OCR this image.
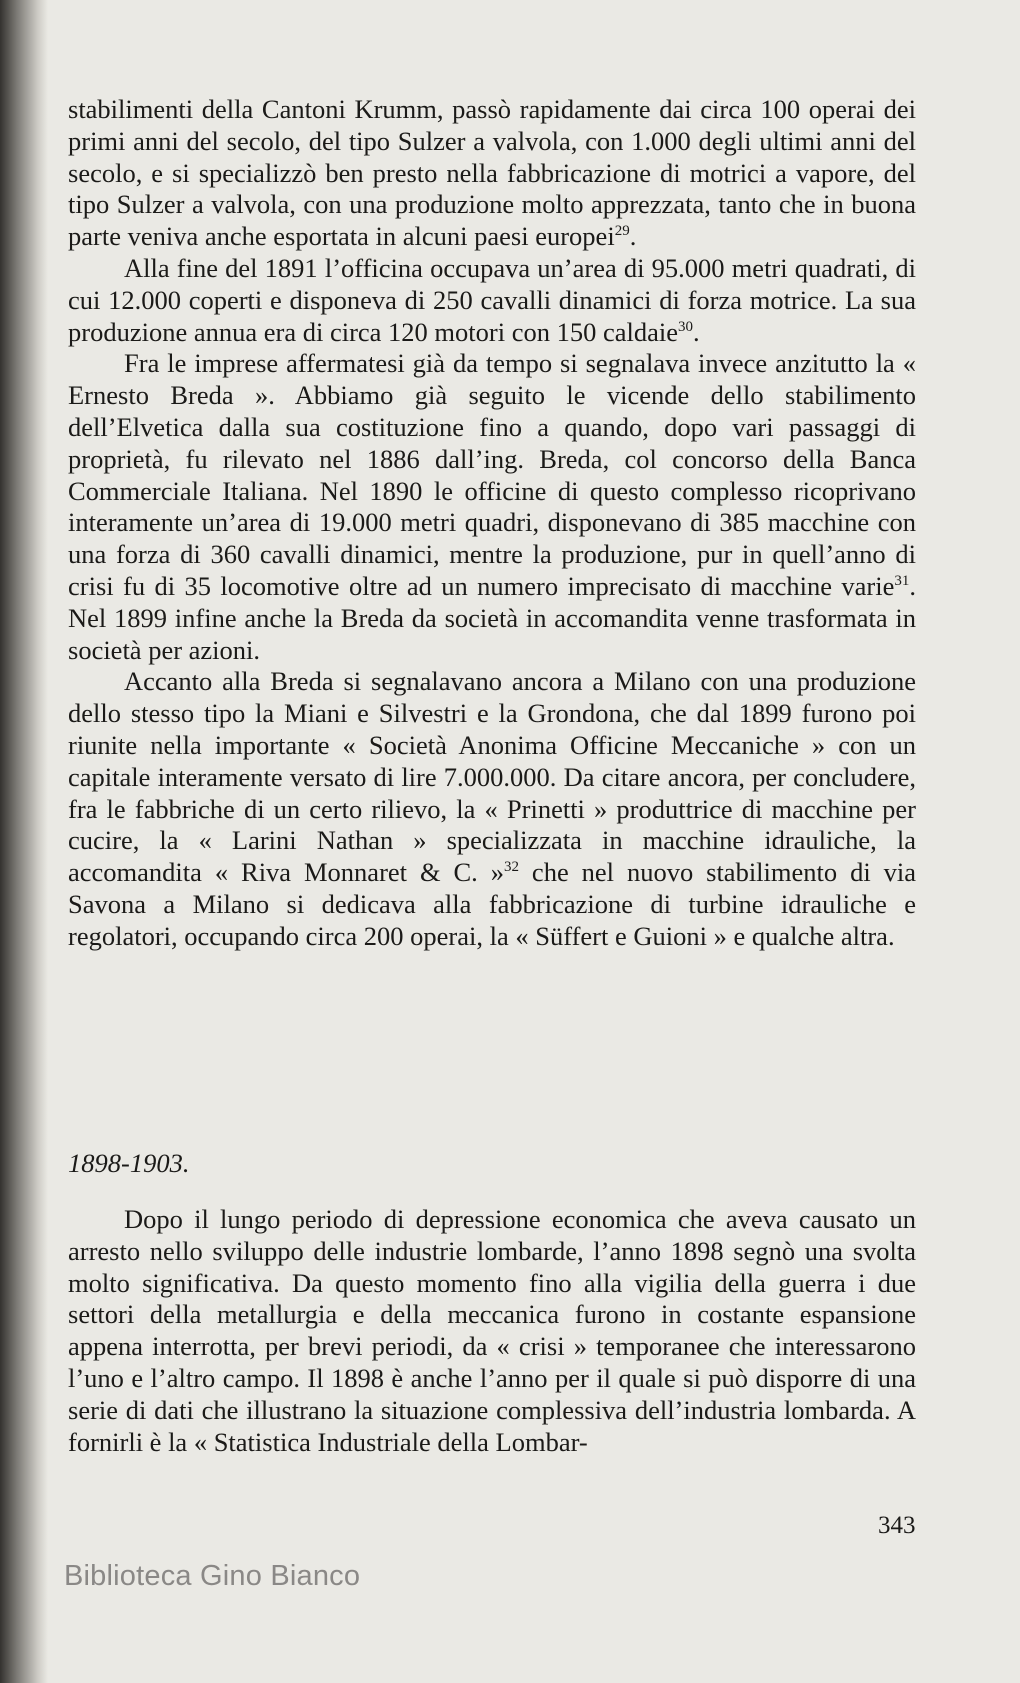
stabilimenti della Cantoni Krumm, passò rapidamente dai circa 100 operai dei primi anni del secolo, del tipo Sulzer a valvola, con 1.000 degli ultimi anni del secolo, e si specializzò ben presto nella fabbricazione di motrici a vapore, del tipo Sulzer a valvola, con una produzione molto apprezzata, tanto che in buona parte veniva anche esportata in alcuni paesi europei$^{29}$.

Alla fine del 1891 l’officina occupava un’area di 95.000 metri quadrati, di cui 12.000 coperti e disponeva di 250 cavalli dinamici di forza motrice. La sua produzione annua era di circa 120 motori con 150 caldaie$^{30}$.

Fra le imprese affermatesi già da tempo si segnalava invece anzitutto la « Ernesto Breda ». Abbiamo già seguito le vicende dello stabilimento dell’Elvetica dalla sua costituzione fino a quando, dopo vari passaggi di proprietà, fu rilevato nel 1886 dall’ing. Breda, col concorso della Banca Commerciale Italiana. Nel 1890 le officine di questo complesso ricoprivano interamente un’area di 19.000 metri quadri, disponevano di 385 macchine con una forza di 360 cavalli dinamici, mentre la produzione, pur in quell’anno di crisi fu di 35 locomotive oltre ad un numero imprecisato di macchine varie$^{31}$. Nel 1899 infine anche la Breda da società in accomandita venne trasformata in società per azioni.

Accanto alla Breda si segnalavano ancora a Milano con una produzione dello stesso tipo la Miani e Silvestri e la Grondona, che dal 1899 furono poi riunite nella importante « Società Anonima Officine Meccaniche » con un capitale interamente versato di lire 7.000.000. Da citare ancora, per concludere, fra le fabbriche di un certo rilievo, la « Prinetti » produttrice di macchine per cucire, la « Larini Nathan » specializzata in macchine idrauliche, la accomandita « Riva Monnaret & C. »$^{32}$ che nel nuovo stabilimento di via Savona a Milano si dedicava alla fabbricazione di turbine idrauliche e regolatori, occupando circa 200 operai, la « Süffert e Guioni » e qualche altra.

1898-1903.

Dopo il lungo periodo di depressione economica che aveva causato un arresto nello sviluppo delle industrie lombarde, l’anno 1898 segnò una svolta molto significativa. Da questo momento fino alla vigilia della guerra i due settori della metallurgia e della meccanica furono in costante espansione appena interrotta, per brevi periodi, da « crisi » temporanee che interessarono l’uno e l’altro campo. Il 1898 è anche l’anno per il quale si può disporre di una serie di dati che illustrano la situazione complessiva dell’industria lombarda. A fornirli è la « Statistica Industriale della Lombar-

343
Biblioteca Gino Bianco
